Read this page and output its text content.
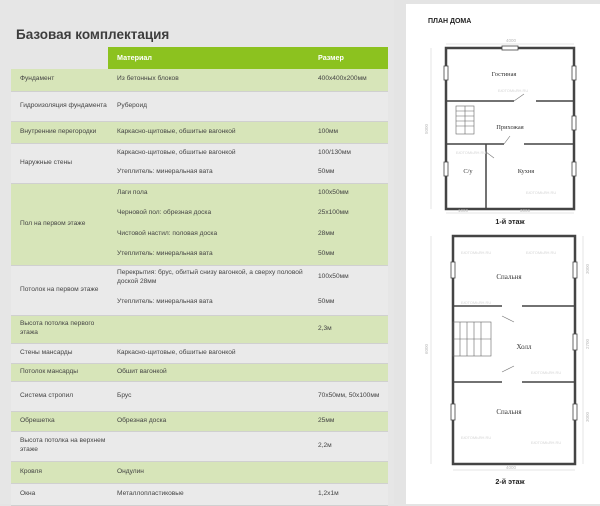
Базовая комплектация
	Материал	Размер
Фундамент	Из бетонных блоков	400х400х200мм
Гидроизоляция фундамента	Рубероид	
Внутренние перегородки	Каркасно-щитовые, обшитые вагонкой	100мм
Наружные стены	Каркасно-щитовые, обшитые вагонкой	100/130мм
	Утеплитель: минеральная вата	50мм
Пол на первом этаже	Лаги пола	100х50мм
	Черновой пол: обрезная доска	25х100мм
	Чистовой настил: половая доска	28мм
	Утеплитель: минеральная вата	50мм
Потолок на первом этаже	Перекрытия: брус, обитый снизу вагонкой, а сверху половой доской 28мм	100х50мм
	Утеплитель: минеральная вата	50мм
Высота потолка первого этажа		2,3м
Стены мансарды	Каркасно-щитовые, обшитые вагонкой	
Потолок мансарды	Обшит вагонкой	
Система стропил	Брус	70х50мм, 50х100мм
Обрешетка	Обрезная доска	25мм
Высота потолка на верхнем этаже		2,2м
Кровля	Ондулин	
Окна	Металлопластиковые	1,2х1м
ПЛАН ДОМА
4000
5000
Гостиная
Прихожая
С/у	Кухня
1000	3000
1-й этаж
6000
Спальня
Холл
Спальня
3000
2700
3000
4000
2-й этаж
БЮТОМЬЯН.RU
БЮТОМЬЯН.RU
БЮТОМЬЯН.RU
БЮТОМЬЯН.RU	БЮТОМЬЯН.RU
БЮТОМЬЯН.RU
БЮТОМЬЯН.RU
БЮТОМЬЯН.RU
БЮТОМЬЯН.RU
